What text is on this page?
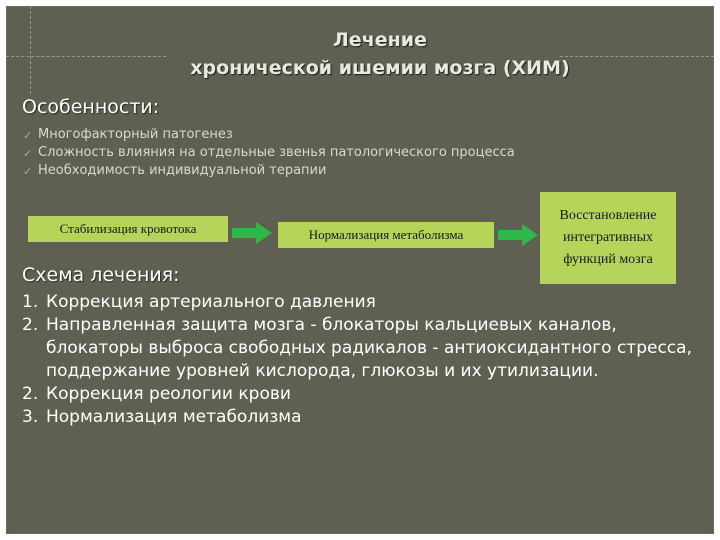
Лечение
хронической ишемии мозга (ХИМ)
Особенности:
✓ Многофакторный патогенез
✓ Сложность влияния на отдельные звенья патологического процесса
✓ Необходимость индивидуальной терапии
Стабилизация кровотока	Нормализация метаболизма
Восстановление
интегративных
функций мозга
Схема лечения:
1. Коррекция артериального давления
2. Направленная защита мозга - блокаторы кальциевых каналов, блокаторы выброса свободных радикалов - антиоксидантного стресса, поддержание уровней кислорода, глюкозы и их утилизации.
2. Коррекция реологии крови
3. Нормализация метаболизма
